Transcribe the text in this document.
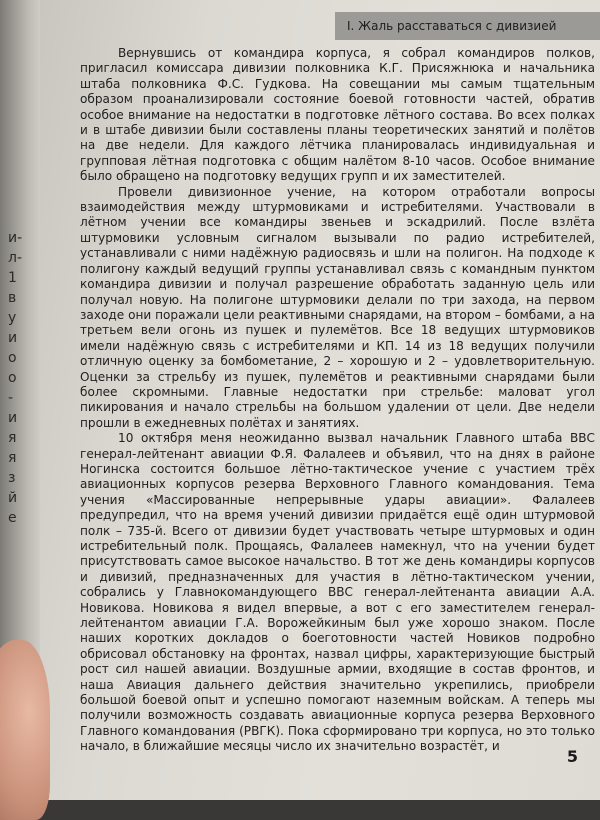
и-
л-
1
в
у
и
о
о
-
и
я
я
з
й
е
I. Жаль расставаться с дивизией

Вернувшись от командира корпуса, я собрал командиров полков, пригласил комиссара дивизии полковника К.Г. Присяжнюка и начальника штаба полковника Ф.С. Гудкова. На совещании мы самым тщательным образом проанализировали состояние боевой готовности частей, обратив особое внимание на недостатки в подготовке лётного состава. Во всех полках и в штабе дивизии были составлены планы теоретических занятий и полётов на две недели. Для каждого лётчика планировалась индивидуальная и групповая лётная подготовка с общим налётом 8-10 часов. Особое внимание было обращено на подготовку ведущих групп и их заместителей.

Провели дивизионное учение, на котором отработали вопросы взаимодействия между штурмовиками и истребителями. Участвовали в лётном учении все командиры звеньев и эскадрилий. После взлёта штурмовики условным сигналом вызывали по радио истребителей, устанавливали с ними надёжную радиосвязь и шли на полигон. На подходе к полигону каждый ведущий группы устанавливал связь с командным пунктом командира дивизии и получал разрешение обработать заданную цель или получал новую. На полигоне штурмовики делали по три захода, на первом заходе они поражали цели реактивными снарядами, на втором – бомбами, а на третьем вели огонь из пушек и пулемётов. Все 18 ведущих штурмовиков имели надёжную связь с истребителями и КП. 14 из 18 ведущих получили отличную оценку за бомбометание, 2 – хорошую и 2 – удовлетворительную. Оценки за стрельбу из пушек, пулемётов и реактивными снарядами были более скромными. Главные недостатки при стрельбе: маловат угол пикирования и начало стрельбы на большом удалении от цели. Две недели прошли в ежедневных полётах и занятиях.

10 октября меня неожиданно вызвал начальник Главного штаба ВВС генерал-лейтенант авиации Ф.Я. Фалалеев и объявил, что на днях в районе Ногинска состоится большое лётно-тактическое учение с участием трёх авиационных корпусов резерва Верховного Главного командования. Тема учения «Массированные непрерывные удары авиации». Фалалеев предупредил, что на время учений дивизии придаётся ещё один штурмовой полк – 735-й. Всего от дивизии будет участвовать четыре штурмовых и один истребительный полк. Прощаясь, Фалалеев намекнул, что на учении будет присутствовать самое высокое начальство. В тот же день командиры корпусов и дивизий, предназначенных для участия в лётно-тактическом учении, собрались у Главнокомандующего ВВС генерал-лейтенанта авиации А.А. Новикова. Новикова я видел впервые, а вот с его заместителем генерал-лейтенантом авиации Г.А. Ворожейкиным был уже хорошо знаком. После наших коротких докладов о боеготовности частей Новиков подробно обрисовал обстановку на фронтах, назвал цифры, характеризующие быстрый рост сил нашей авиации. Воздушные армии, входящие в состав фронтов, и наша Авиация дальнего действия значительно укрепились, приобрели большой боевой опыт и успешно помогают наземным войскам. А теперь мы получили возможность создавать авиационные корпуса резерва Верховного Главного командования (РВГК). Пока сформировано три корпуса, но это только начало, в ближайшие месяцы число их значительно возрастёт, и

5
